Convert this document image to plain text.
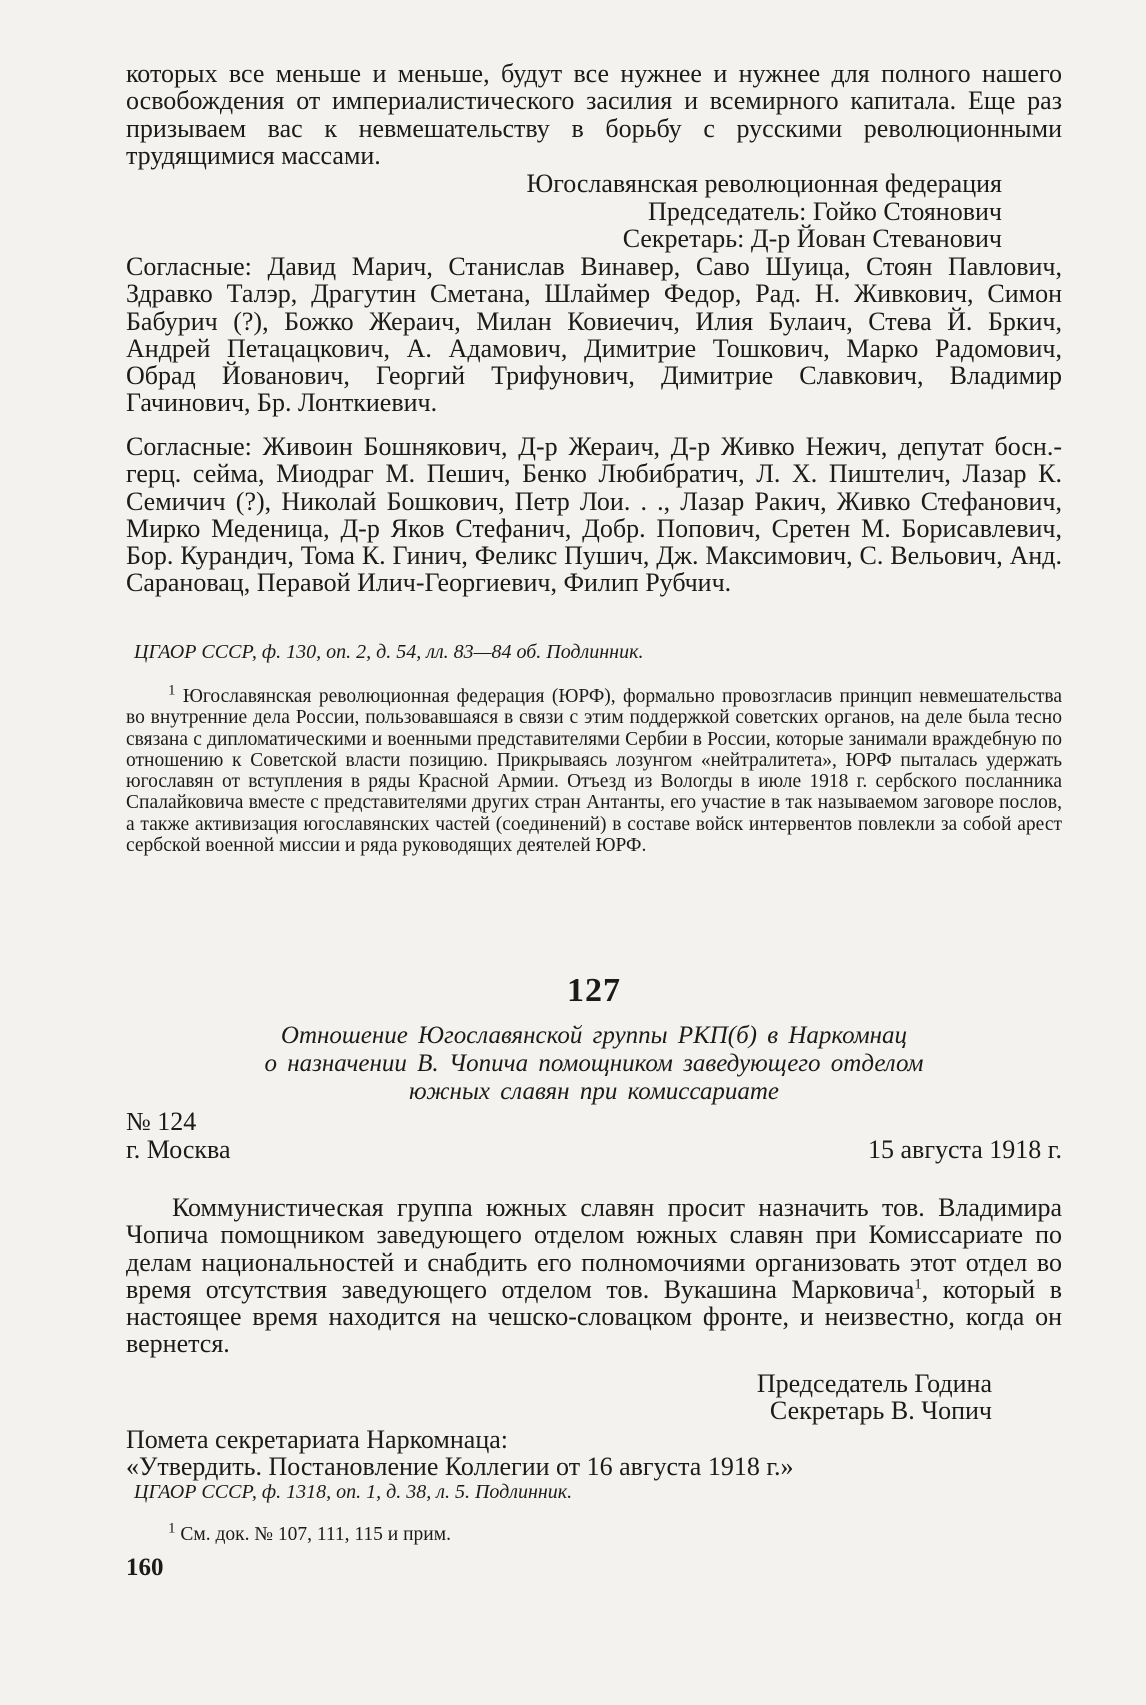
которых все меньше и меньше, будут все нужнее и нужнее для полного нашего освобождения от империалистического засилия и всемирного капитала. Еще раз призываем вас к невмешательству в борьбу с русскими революционными трудящимися массами.

Югославянская революционная федерация
Председатель: Гойко Стоянович
Секретарь: Д-р Йован Стеванович

Согласные: Давид Марич, Станислав Винавер, Саво Шуица, Стоян Павлович, Здравко Талэр, Драгутин Сметана, Шлаймер Федор, Рад. Н. Живкович, Симон Бабурич (?), Божко Жераич, Милан Ковиечич, Илия Булаич, Стева Й. Бркич, Андрей Петацацкович, А. Адамович, Димитрие Тошкович, Марко Радомович, Обрад Йованович, Георгий Трифунович, Димитрие Славкович, Владимир Гачинович, Бр. Лонткиевич.

Согласные: Живоин Бошнякович, Д-р Жераич, Д-р Живко Нежич, депутат босн.-герц. сейма, Миодраг М. Пешич, Бенко Любибратич, Л. Х. Пиштелич, Лазар К. Семичич (?), Николай Бошкович, Петр Лои. . ., Лазар Ракич, Живко Стефанович, Мирко Меденица, Д-р Яков Стефанич, Добр. Попович, Сретен М. Борисавлевич, Бор. Курандич, Тома К. Гинич, Феликс Пушич, Дж. Максимович, С. Вельович, Анд. Сарановац, Перавой Илич-Георгиевич, Филип Рубчич.

ЦГАОР СССР, ф. 130, оп. 2, д. 54, лл. 83—84 об. Подлинник.

$^1$ Югославянская революционная федерация (ЮРФ), формально провозгласив принцип невмешательства во внутренние дела России, пользовавшаяся в связи с этим поддержкой советских органов, на деле была тесно связана с дипломатическими и военными представителями Сербии в России, которые занимали враждебную по отношению к Советской власти позицию. Прикрываясь лозунгом «нейтралитета», ЮРФ пыталась удержать югославян от вступления в ряды Красной Армии. Отъезд из Вологды в июле 1918 г. сербского посланника Спалайковича вместе с представителями других стран Антанты, его участие в так называемом заговоре послов, а также активизация югославянских частей (соединений) в составе войск интервентов повлекли за собой арест сербской военной миссии и ряда руководящих деятелей ЮРФ.

127
Отношение Югославянской группы РКП(б) в Наркомнац
о назначении В. Чопича помощником заведующего отделом
южных славян при комиссариате
№ 124
г. Москва	15 августа 1918 г.

Коммунистическая группа южных славян просит назначить тов. Владимира Чопича помощником заведующего отделом южных славян при Комиссариате по делам национальностей и снабдить его полномочиями организовать этот отдел во время отсутствия заведующего отделом тов. Вукашина Марковича$^1$, который в настоящее время находится на чешско-словацком фронте, и неизвестно, когда он вернется.

Председатель Година
Секретарь В. Чопич
Помета секретариата Наркомнаца:
«Утвердить. Постановление Коллегии от 16 августа 1918 г.»

ЦГАОР СССР, ф. 1318, оп. 1, д. 38, л. 5. Подлинник.

$^1$ См. док. № 107, 111, 115 и прим.

160
